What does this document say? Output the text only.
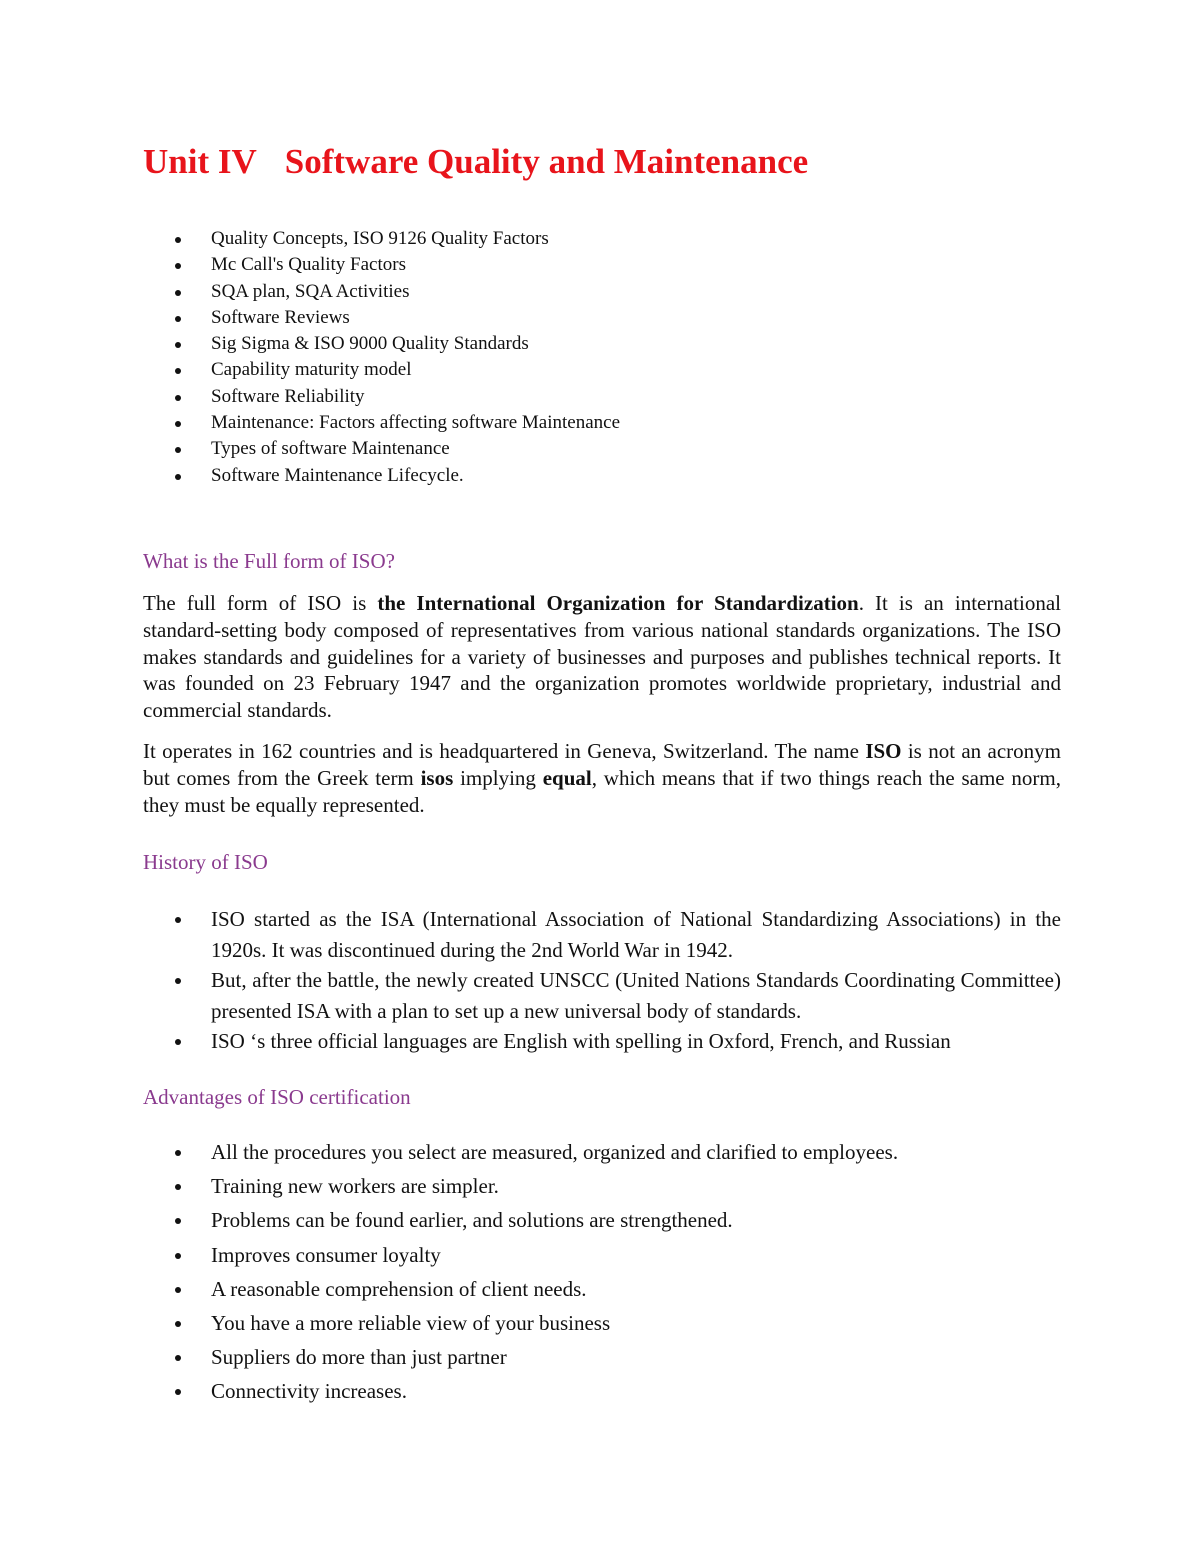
Unit IV Software Quality and Maintenance
Quality Concepts, ISO 9126 Quality Factors
Mc Call's Quality Factors
SQA plan, SQA Activities
Software Reviews
Sig Sigma & ISO 9000 Quality Standards
Capability maturity model
Software Reliability
Maintenance: Factors affecting software Maintenance
Types of software Maintenance
Software Maintenance Lifecycle.
What is the Full form of ISO?

The full form of ISO is the International Organization for Standardization. It is an international standard-setting body composed of representatives from various national standards organizations. The ISO makes standards and guidelines for a variety of businesses and purposes and publishes technical reports. It was founded on 23 February 1947 and the organization promotes worldwide proprietary, industrial and commercial standards.

It operates in 162 countries and is headquartered in Geneva, Switzerland. The name ISO is not an acronym but comes from the Greek term isos implying equal, which means that if two things reach the same norm, they must be equally represented.

History of ISO
ISO started as the ISA (International Association of National Standardizing Associations) in the 1920s. It was discontinued during the 2nd World War in 1942.
But, after the battle, the newly created UNSCC (United Nations Standards Coordinating Committee) presented ISA with a plan to set up a new universal body of standards.
ISO ‘s three official languages are English with spelling in Oxford, French, and Russian
Advantages of ISO certification
All the procedures you select are measured, organized and clarified to employees.
Training new workers are simpler.
Problems can be found earlier, and solutions are strengthened.
Improves consumer loyalty
A reasonable comprehension of client needs.
You have a more reliable view of your business
Suppliers do more than just partner
Connectivity increases.
